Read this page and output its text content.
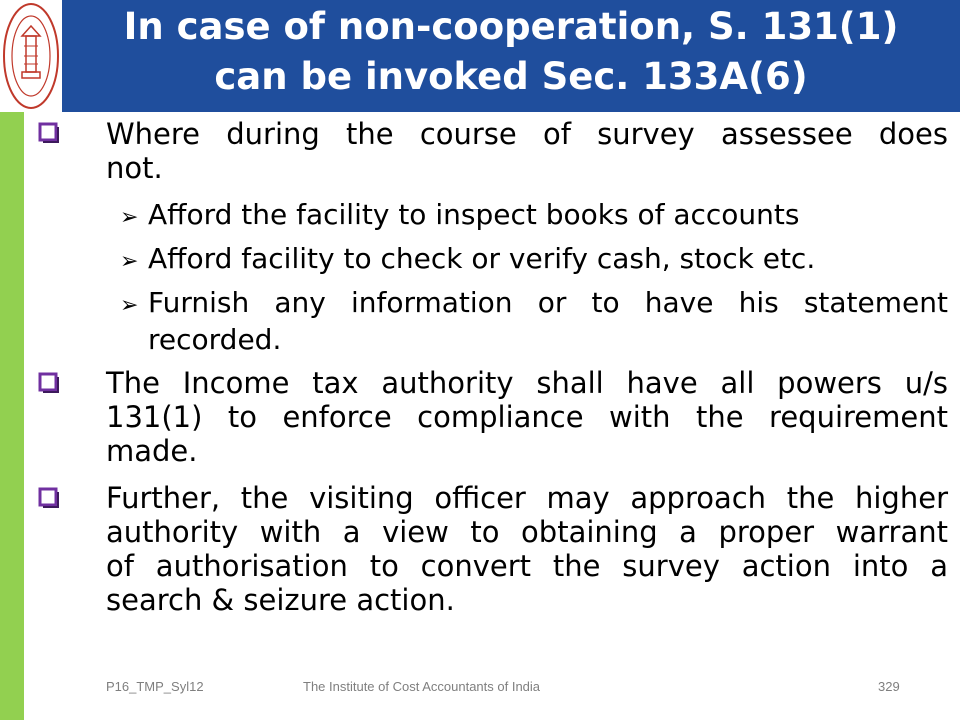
In case of non-cooperation, S. 131(1)
can be invoked Sec. 133A(6)
Where during the course of survey assessee does
not.
➢ Afford the facility to inspect books of accounts
➢ Afford facility to check or verify cash, stock etc.
➢ Furnish any information or to have his statement
recorded.
The Income tax authority shall have all powers u/s
131(1) to enforce compliance with the requirement
made.
Further, the visiting officer may approach the higher
authority with a view to obtaining a proper warrant
of authorisation to convert the survey action into a
search & seizure action.
P16_TMP_Syl12	The Institute of Cost Accountants of India	329
